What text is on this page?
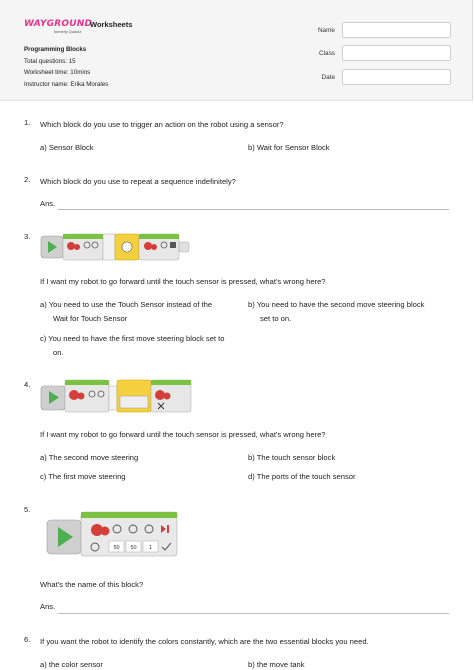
WAYGROUND
formerly Quizizz
Worksheets
Programming Blocks
Total questions: 15
Worksheet time: 10mins
Instructor name: Erika Morales
Name
Class
Date
1. Which block do you use to trigger an action on the robot using a sensor?
a) Sensor Block	b) Wait for Sensor Block
2. Which block do you use to repeat a sequence indefinitely?
Ans.
3.
If I want my robot to go forward until the touch sensor is pressed, what's wrong here?
a) You need to use the Touch Sensor instead of the
Wait for Touch Sensor
b) You need to have the second move steering block
set to on.
c) You need to have the first move steering block set to
on.
4.
If I want my robot to go forward until the touch sensor is pressed, what's wrong here?
a) The second move steering	b) The touch sensor block
c) The first move steering	d) The ports of the touch sensor
5.
50 50 1
What's the name of this block?
Ans.
6. If you want the robot to identify the colors constantly, which are the two essential blocks you need.
a) the color sensor	b) the move tank
